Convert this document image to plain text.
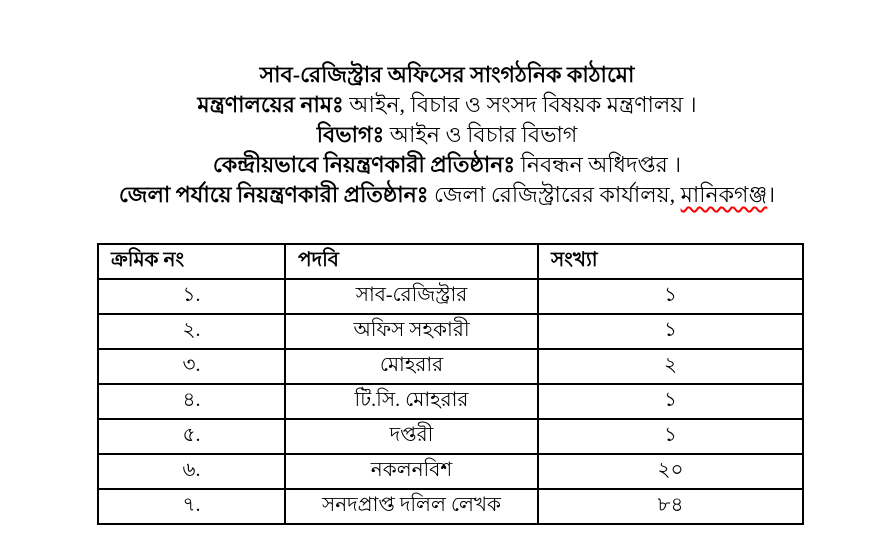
সাব-রেজিস্ট্রার অফিসের সাংগঠনিক কাঠামো
মন্ত্রণালয়ের নামঃ আইন, বিচার ও সংসদ বিষয়ক মন্ত্রণালয় ।
বিভাগঃ আইন ও বিচার বিভাগ
কেন্দ্রীয়ভাবে নিয়ন্ত্রণকারী প্রতিষ্ঠানঃ নিবন্ধন অধিদপ্তর ।
জেলা পর্যায়ে নিয়ন্ত্রণকারী প্রতিষ্ঠানঃ জেলা রেজিস্ট্রারের কার্যালয়, মানিকগঞ্জ।
ক্রমিক নং	পদবি	সংখ্যা
১.	সাব-রেজিস্ট্রার	১
২.	অফিস সহকারী	১
৩.	মোহরার	২
৪.	টি.সি. মোহরার	১
৫.	দপ্তরী	১
৬.	নকলনবিশ	২০
৭.	সনদপ্রাপ্ত দলিল লেখক	৮৪
